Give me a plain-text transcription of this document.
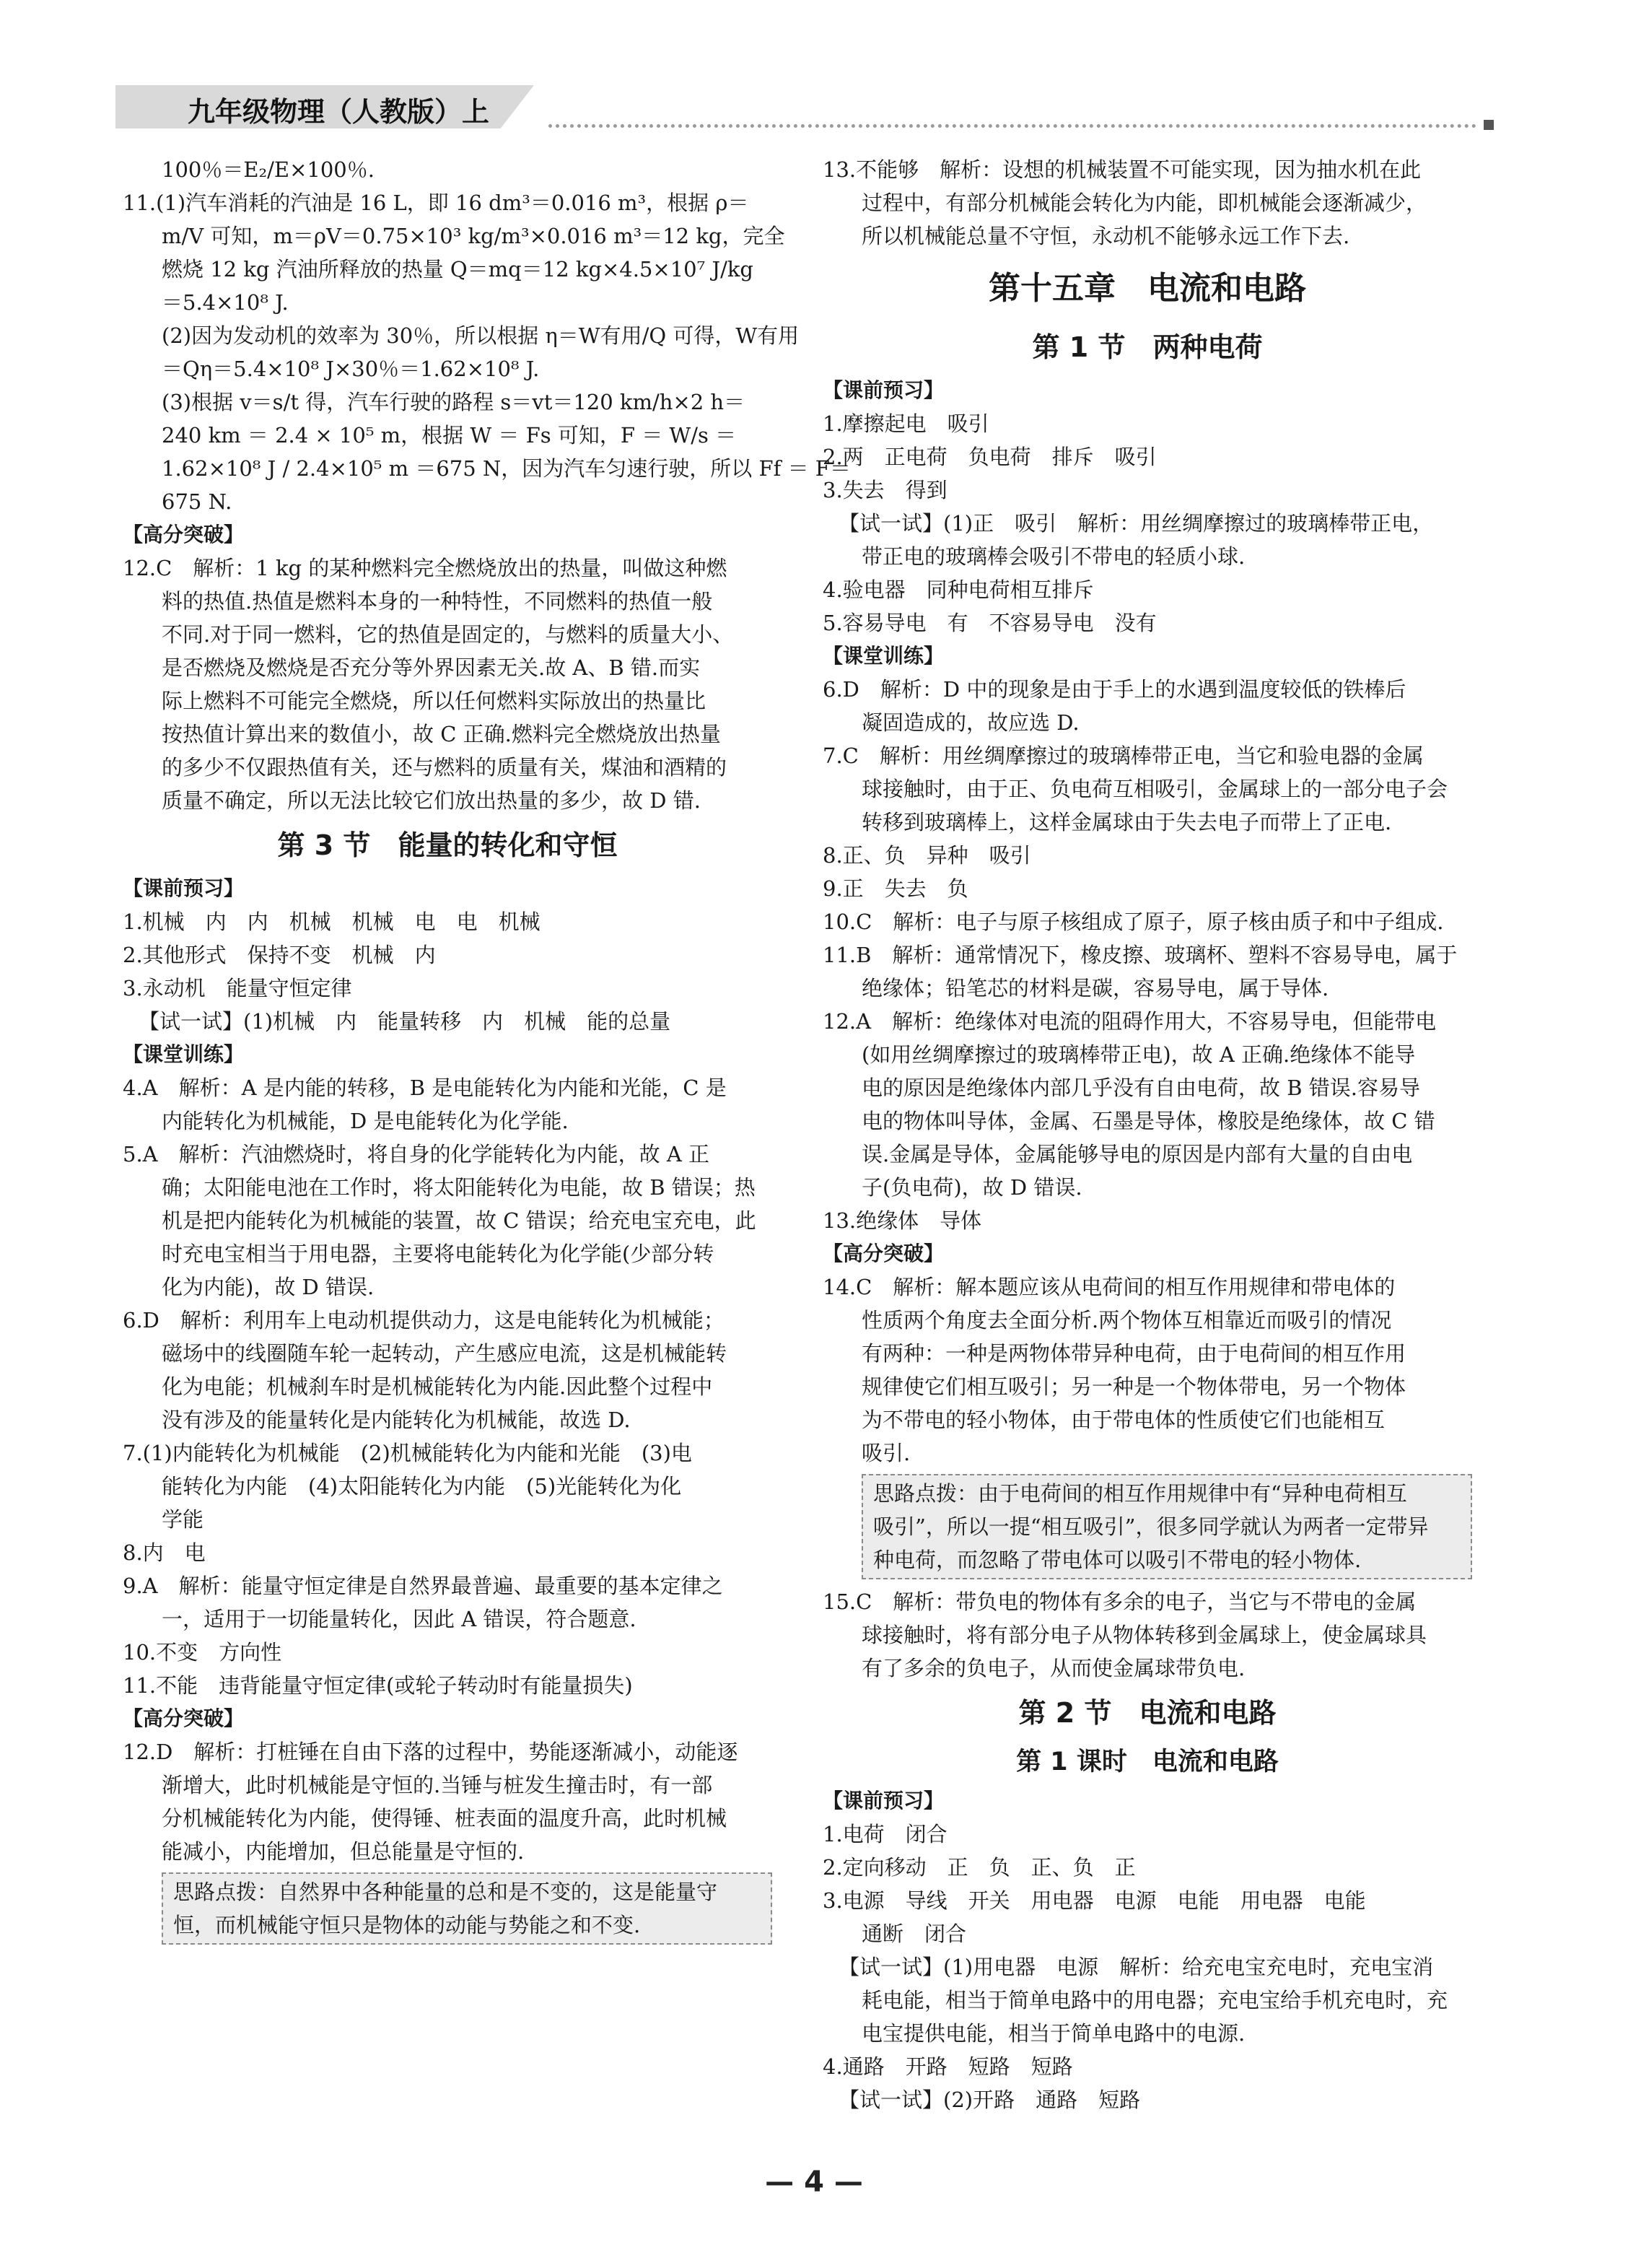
九年级物理（人教版）上
100％＝E₂/E×100％.
11.(1)汽车消耗的汽油是 16 L，即 16 dm³＝0.016 m³，根据 ρ＝
m/V 可知，m＝ρV＝0.75×10³ kg/m³×0.016 m³＝12 kg，完全
燃烧 12 kg 汽油所释放的热量 Q＝mq＝12 kg×4.5×10⁷ J/kg
＝5.4×10⁸ J.
(2)因为发动机的效率为 30％，所以根据 η＝W有用/Q 可得，W有用
＝Qη＝5.4×10⁸ J×30％＝1.62×10⁸ J.
(3)根据 v＝s/t 得，汽车行驶的路程 s＝vt＝120 km/h×2 h＝
240 km ＝ 2.4 × 10⁵ m，根据 W ＝ Fs 可知，F ＝ W/s ＝
1.62×10⁸ J / 2.4×10⁵ m ＝675 N，因为汽车匀速行驶，所以 Ff ＝ F＝
675 N.
【高分突破】
12.C　解析：1 kg 的某种燃料完全燃烧放出的热量，叫做这种燃
料的热值.热值是燃料本身的一种特性，不同燃料的热值一般
不同.对于同一燃料，它的热值是固定的，与燃料的质量大小、
是否燃烧及燃烧是否充分等外界因素无关.故 A、B 错.而实
际上燃料不可能完全燃烧，所以任何燃料实际放出的热量比
按热值计算出来的数值小，故 C 正确.燃料完全燃烧放出热量
的多少不仅跟热值有关，还与燃料的质量有关，煤油和酒精的
质量不确定，所以无法比较它们放出热量的多少，故 D 错.
第 3 节　能量的转化和守恒
【课前预习】
1.机械　内　内　机械　机械　电　电　机械
2.其他形式　保持不变　机械　内
3.永动机　能量守恒定律
【试一试】(1)机械　内　能量转移　内　机械　能的总量
【课堂训练】
4.A　解析：A 是内能的转移，B 是电能转化为内能和光能，C 是
内能转化为机械能，D 是电能转化为化学能.
5.A　解析：汽油燃烧时，将自身的化学能转化为内能，故 A 正
确；太阳能电池在工作时，将太阳能转化为电能，故 B 错误；热
机是把内能转化为机械能的装置，故 C 错误；给充电宝充电，此
时充电宝相当于用电器，主要将电能转化为化学能(少部分转
化为内能)，故 D 错误.
6.D　解析：利用车上电动机提供动力，这是电能转化为机械能；
磁场中的线圈随车轮一起转动，产生感应电流，这是机械能转
化为电能；机械刹车时是机械能转化为内能.因此整个过程中
没有涉及的能量转化是内能转化为机械能，故选 D.
7.(1)内能转化为机械能　(2)机械能转化为内能和光能　(3)电
能转化为内能　(4)太阳能转化为内能　(5)光能转化为化
学能
8.内　电
9.A　解析：能量守恒定律是自然界最普遍、最重要的基本定律之
一，适用于一切能量转化，因此 A 错误，符合题意.
10.不变　方向性
11.不能　违背能量守恒定律(或轮子转动时有能量损失)
【高分突破】
12.D　解析：打桩锤在自由下落的过程中，势能逐渐减小，动能逐
渐增大，此时机械能是守恒的.当锤与桩发生撞击时，有一部
分机械能转化为内能，使得锤、桩表面的温度升高，此时机械
能减小，内能增加，但总能量是守恒的.
思路点拨：自然界中各种能量的总和是不变的，这是能量守
恒，而机械能守恒只是物体的动能与势能之和不变.
13.不能够　解析：设想的机械装置不可能实现，因为抽水机在此
过程中，有部分机械能会转化为内能，即机械能会逐渐减少，
所以机械能总量不守恒，永动机不能够永远工作下去.
第十五章　电流和电路
第 1 节　两种电荷
【课前预习】
1.摩擦起电　吸引
2.两　正电荷　负电荷　排斥　吸引
3.失去　得到
【试一试】(1)正　吸引　解析：用丝绸摩擦过的玻璃棒带正电，
带正电的玻璃棒会吸引不带电的轻质小球.
4.验电器　同种电荷相互排斥
5.容易导电　有　不容易导电　没有
【课堂训练】
6.D　解析：D 中的现象是由于手上的水遇到温度较低的铁棒后
凝固造成的，故应选 D.
7.C　解析：用丝绸摩擦过的玻璃棒带正电，当它和验电器的金属
球接触时，由于正、负电荷互相吸引，金属球上的一部分电子会
转移到玻璃棒上，这样金属球由于失去电子而带上了正电.
8.正、负　异种　吸引
9.正　失去　负
10.C　解析：电子与原子核组成了原子，原子核由质子和中子组成.
11.B　解析：通常情况下，橡皮擦、玻璃杯、塑料不容易导电，属于
绝缘体；铅笔芯的材料是碳，容易导电，属于导体.
12.A　解析：绝缘体对电流的阻碍作用大，不容易导电，但能带电
(如用丝绸摩擦过的玻璃棒带正电)，故 A 正确.绝缘体不能导
电的原因是绝缘体内部几乎没有自由电荷，故 B 错误.容易导
电的物体叫导体，金属、石墨是导体，橡胶是绝缘体，故 C 错
误.金属是导体，金属能够导电的原因是内部有大量的自由电
子(负电荷)，故 D 错误.
13.绝缘体　导体
【高分突破】
14.C　解析：解本题应该从电荷间的相互作用规律和带电体的
性质两个角度去全面分析.两个物体互相靠近而吸引的情况
有两种：一种是两物体带异种电荷，由于电荷间的相互作用
规律使它们相互吸引；另一种是一个物体带电，另一个物体
为不带电的轻小物体，由于带电体的性质使它们也能相互
吸引.
思路点拨：由于电荷间的相互作用规律中有“异种电荷相互
吸引”，所以一提“相互吸引”，很多同学就认为两者一定带异
种电荷，而忽略了带电体可以吸引不带电的轻小物体.
15.C　解析：带负电的物体有多余的电子，当它与不带电的金属
球接触时，将有部分电子从物体转移到金属球上，使金属球具
有了多余的负电子，从而使金属球带负电.
第 2 节　电流和电路
第 1 课时　电流和电路
【课前预习】
1.电荷　闭合
2.定向移动　正　负　正、负　正
3.电源　导线　开关　用电器　电源　电能　用电器　电能
通断　闭合
【试一试】(1)用电器　电源　解析：给充电宝充电时，充电宝消
耗电能，相当于简单电路中的用电器；充电宝给手机充电时，充
电宝提供电能，相当于简单电路中的电源.
4.通路　开路　短路　短路
【试一试】(2)开路　通路　短路
— 4 —
